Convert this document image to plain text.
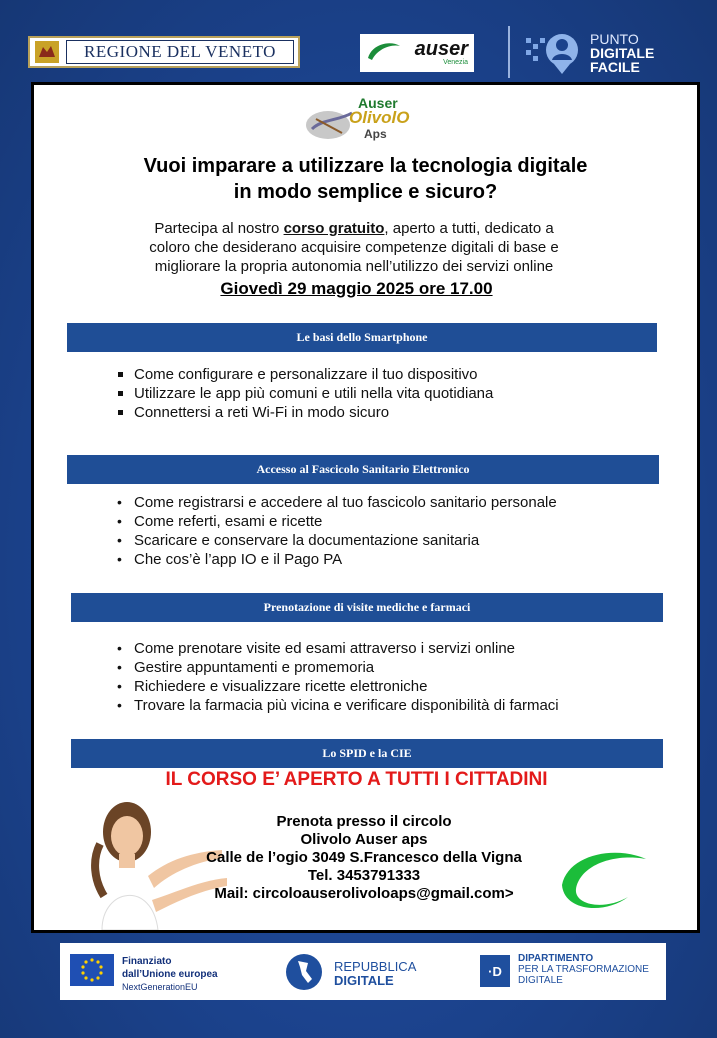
REGIONE DEL VENETO	auser
Venezia
PUNTO
DIGITALE
FACILE
Auser
OlivolO
Aps
Vuoi imparare a utilizzare la tecnologia digitale
in modo semplice e sicuro?
Partecipa al nostro corso gratuito, aperto a tutti, dedicato a
coloro che desiderano acquisire competenze digitali di base e
migliorare la propria autonomia nell’utilizzo dei servizi online
Giovedì 29 maggio 2025 ore 17.00
Le basi dello Smartphone
Come configurare e personalizzare il tuo dispositivo
Utilizzare le app più comuni e utili nella vita quotidiana
Connettersi a reti Wi-Fi in modo sicuro
Accesso al Fascicolo Sanitario Elettronico
• Come registrarsi e accedere al tuo fascicolo sanitario personale
• Come referti, esami e ricette
• Scaricare e conservare la documentazione sanitaria
• Che cos’è l’app IO e il Pago PA
Prenotazione di visite mediche e farmaci
• Come prenotare visite ed esami attraverso i servizi online
• Gestire appuntamenti e promemoria
• Richiedere e visualizzare ricette elettroniche
• Trovare la farmacia più vicina e verificare disponibilità di farmaci
Lo SPID e la CIE
IL CORSO E’ APERTO A TUTTI I CITTADINI
Prenota presso il circolo
Olivolo Auser aps
Calle de l’ogio 3049 S.Francesco della Vigna
Tel. 3453791333
Mail: circoloauserolivoloaps@gmail.com>
Finanziato
dall’Unione europea
NextGenerationEU
REPUBBLICA
DIGITALE
·D
DIPARTIMENTO
PER LA TRASFORMAZIONE
DIGITALE
